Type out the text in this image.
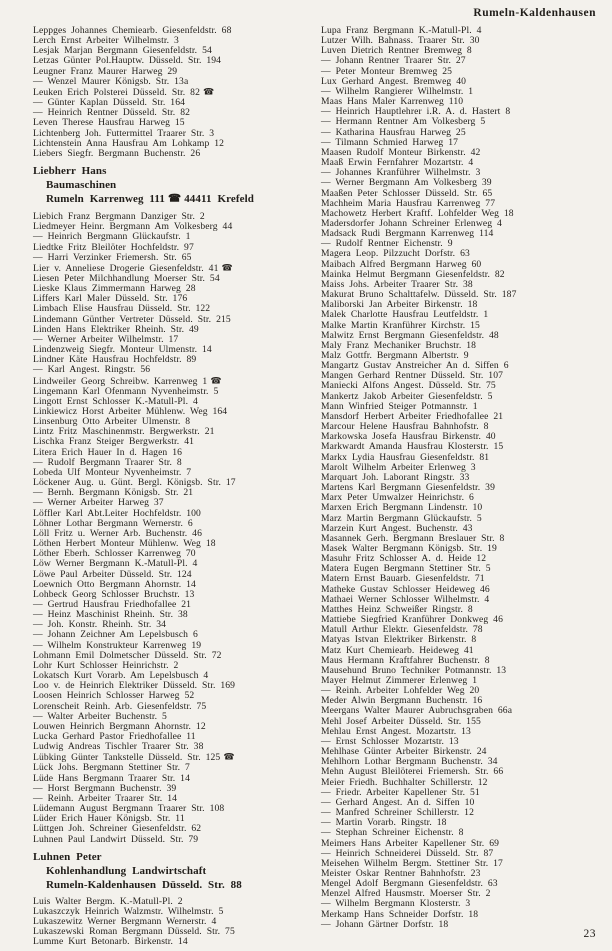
Rumeln-Kaldenhausen
Leppges Johannes Chemiearb. Giesenfeldstr. 68
Lerch Ernst Arbeiter Wilhelmstr. 3
Lesjak Marjan Bergmann Giesenfeldstr. 54
Letzas Günter Pol.Hauptw. Düsseld. Str. 194
Leugner Franz Maurer Harweg 29
— Wenzel Maurer Königsb. Str. 13a
Leuken Erich Polsterei Düsseld. Str. 82 ☎
— Günter Kaplan Düsseld. Str. 164
— Heinrich Rentner Düsseld. Str. 82
Leven Therese Hausfrau Harweg 15
Lichtenberg Joh. Futtermittel Traarer Str. 3
Lichtenstein Anna Hausfrau Am Lohkamp 12
Liebers Siegfr. Bergmann Buchenstr. 26
Liebherr Hans
Baumaschinen
Rumeln Karrenweg 111 ☎ 44411 Krefeld
Liebich Franz Bergmann Danziger Str. 2
Liedmeyer Heinr. Bergmann Am Volkesberg 44
— Heinrich Bergmann Glückaufstr. 1
Liedtke Fritz Bleilöter Hochfeldstr. 97
— Harri Verzinker Friemersh. Str. 65
Lier v. Anneliese Drogerie Giesenfeldstr. 41 ☎
Liesen Peter Milchhandlung Moerser Str. 54
Lieske Klaus Zimmermann Harweg 28
Liffers Karl Maler Düsseld. Str. 176
Limbach Elise Hausfrau Düsseld. Str. 122
Lindemann Günther Vertreter Düsseld. Str. 215
Linden Hans Elektriker Rheinh. Str. 49
— Werner Arbeiter Wilhelmstr. 17
Lindenzweig Siegfr. Monteur Ulmenstr. 14
Lindner Käte Hausfrau Hochfeldstr. 89
— Karl Angest. Ringstr. 56
Lindweiler Georg Schreibw. Karrenweg 1 ☎
Lingemann Karl Ofenmann Nyvenheimstr. 5
Lingott Ernst Schlosser K.-Matull-Pl. 4
Linkiewicz Horst Arbeiter Mühlenw. Weg 164
Linsenburg Otto Arbeiter Ulmenstr. 8
Lintz Fritz Maschinenmstr. Bergwerkstr. 21
Lischka Franz Steiger Bergwerkstr. 41
Litera Erich Hauer In d. Hagen 16
— Rudolf Bergmann Traarer Str. 8
Lobeda Ulf Monteur Nyvenheimstr. 7
Löckener Aug. u. Günt. Bergl. Königsb. Str. 17
— Bernh. Bergmann Königsb. Str. 21
— Werner Arbeiter Harweg 37
Löffler Karl Abt.Leiter Hochfeldstr. 100
Löhner Lothar Bergmann Wernerstr. 6
Löll Fritz u. Werner Arb. Buchenstr. 46
Löthen Herbert Monteur Mühlenw. Weg 18
Löther Eberh. Schlosser Karrenweg 70
Löw Werner Bergmann K.-Matull-Pl. 4
Löwe Paul Arbeiter Düsseld. Str. 124
Loewnich Otto Bergmann Ahornstr. 14
Lohbeck Georg Schlosser Bruchstr. 13
— Gertrud Hausfrau Friedhofallee 21
— Heinz Maschinist Rheinh. Str. 38
— Joh. Konstr. Rheinh. Str. 34
— Johann Zeichner Am Lepelsbusch 6
— Wilhelm Konstrukteur Karrenweg 19
Lohmann Emil Dolmetscher Düsseld. Str. 72
Lohr Kurt Schlosser Heinrichstr. 2
Lokatsch Kurt Vorarb. Am Lepelsbusch 4
Loo v. de Heinrich Elektriker Düsseld. Str. 169
Loosen Heinrich Schlosser Harweg 52
Lorenscheit Reinh. Arb. Giesenfeldstr. 75
— Walter Arbeiter Buchenstr. 5
Louwen Heinrich Bergmann Ahornstr. 12
Lucka Gerhard Pastor Friedhofallee 11
Ludwig Andreas Tischler Traarer Str. 38
Lübking Günter Tankstelle Düsseld. Str. 125 ☎
Lück Johs. Bergmann Stettiner Str. 7
Lüde Hans Bergmann Traarer Str. 14
— Horst Bergmann Buchenstr. 39
— Reinh. Arbeiter Traarer Str. 14
Lüdemann August Bergmann Traarer Str. 108
Lüder Erich Hauer Königsb. Str. 11
Lüttgen Joh. Schreiner Giesenfeldstr. 62
Luhnen Paul Landwirt Düsseld. Str. 79
Luhnen Peter
Kohlenhandlung Landwirtschaft
Rumeln-Kaldenhausen Düsseld. Str. 88
Luis Walter Bergm. K.-Matull-Pl. 2
Lukaszczyk Heinrich Walzmstr. Wilhelmstr. 5
Lukaszewitz Werner Bergmann Wernerstr. 4
Lukaszewski Roman Bergmann Düsseld. Str. 75
Lumme Kurt Betonarb. Birkenstr. 14
Lupa Franz Bergmann K.-Matull-Pl. 4
Lutzer Wilh. Bahnass. Traarer Str. 30
Luven Dietrich Rentner Bremweg 8
— Johann Rentner Traarer Str. 27
— Peter Monteur Bremweg 25
Lux Gerhard Angest. Bremweg 40
— Wilhelm Rangierer Wilhelmstr. 1
Maas Hans Maler Karrenweg 110
— Heinrich Hauptlehrer i.R. A. d. Hastert 8
— Hermann Rentner Am Volkesberg 5
— Katharina Hausfrau Harweg 25
— Tilmann Schmied Harweg 17
Maasen Rudolf Monteur Birkenstr. 42
Maaß Erwin Fernfahrer Mozartstr. 4
— Johannes Kranführer Wilhelmstr. 3
— Werner Bergmann Am Volkesberg 39
Maaßen Peter Schlosser Düsseld. Str. 65
Machheim Maria Hausfrau Karrenweg 77
Machowetz Herbert Kraftf. Lohfelder Weg 18
Madersdorfer Johann Schreiner Erlenweg 4
Madsack Rudi Bergmann Karrenweg 114
— Rudolf Rentner Eichenstr. 9
Magera Leop. Pilzzucht Dorfstr. 63
Maibach Alfred Bergmann Harweg 60
Mainka Helmut Bergmann Giesenfeldstr. 82
Maiss Johs. Arbeiter Traarer Str. 38
Makurat Bruno Schalttafelw. Düsseld. Str. 187
Maliborski Jan Arbeiter Birkenstr. 18
Malek Charlotte Hausfrau Leutfeldstr. 1
Malke Martin Kranführer Kirchstr. 15
Malwitz Ernst Bergmann Giesenfeldstr. 48
Maly Franz Mechaniker Bruchstr. 18
Malz Gottfr. Bergmann Albertstr. 9
Mangartz Gustav Anstreicher An d. Siffen 6
Mangen Gerhard Rentner Düsseld. Str. 107
Maniecki Alfons Angest. Düsseld. Str. 75
Mankertz Jakob Arbeiter Giesenfeldstr. 5
Mann Winfried Steiger Potmannstr. 1
Mansdorf Herbert Arbeiter Friedhofallee 21
Marcour Helene Hausfrau Bahnhofstr. 8
Markowska Josefa Hausfrau Birkenstr. 40
Markwardt Amanda Hausfrau Klosterstr. 15
Markx Lydia Hausfrau Giesenfeldstr. 81
Marolt Wilhelm Arbeiter Erlenweg 3
Marquart Joh. Laborant Ringstr. 33
Martens Karl Bergmann Giesenfeldstr. 39
Marx Peter Umwalzer Heinrichstr. 6
Marxen Erich Bergmann Lindenstr. 10
Marz Martin Bergmann Glückaufstr. 5
Marzein Kurt Angest. Buchenstr. 43
Masannek Gerh. Bergmann Breslauer Str. 8
Masek Walter Bergmann Königsb. Str. 19
Masuhr Fritz Schlosser A. d. Heide 12
Matera Eugen Bergmann Stettiner Str. 5
Matern Ernst Bauarb. Giesenfeldstr. 71
Matheke Gustav Schlosser Heideweg 46
Mathaei Werner Schlosser Wilhelmstr. 4
Matthes Heinz Schweißer Ringstr. 8
Mattiebe Siegfried Kranführer Donkweg 46
Matull Arthur Elektr. Giesenfeldstr. 78
Matyas Istvan Elektriker Birkenstr. 8
Matz Kurt Chemiearb. Heideweg 41
Maus Hermann Kraftfahrer Buchenstr. 8
Mausehund Bruno Techniker Potmannstr. 13
Mayer Helmut Zimmerer Erlenweg 1
— Reinh. Arbeiter Lohfelder Weg 20
Meder Alwin Bergmann Buchenstr. 16
Meergans Walter Maurer Aubruchsgraben 66a
Mehl Josef Arbeiter Düsseld. Str. 155
Mehlau Ernst Angest. Mozartstr. 13
— Ernst Schlosser Mozartstr. 13
Mehlhase Günter Arbeiter Birkenstr. 24
Mehlhorn Lothar Bergmann Buchenstr. 34
Mehn August Bleilöterei Friemersh. Str. 66
Meier Friedh. Buchhalter Schillerstr. 12
— Friedr. Arbeiter Kapellener Str. 51
— Gerhard Angest. An d. Siffen 10
— Manfred Schreiner Schillerstr. 12
— Martin Vorarb. Ringstr. 18
— Stephan Schreiner Eichenstr. 8
Meimers Hans Arbeiter Kapellener Str. 69
— Heinrich Schneiderei Düsseld. Str. 87
Meisehen Wilhelm Bergm. Stettiner Str. 17
Meister Oskar Rentner Bahnhofstr. 23
Mengel Adolf Bergmann Giesenfeldstr. 63
Menzel Alfred Hausmstr. Moerser Str. 2
— Wilhelm Bergmann Klosterstr. 3
Merkamp Hans Schneider Dorfstr. 18
— Johann Gärtner Dorfstr. 18
23
